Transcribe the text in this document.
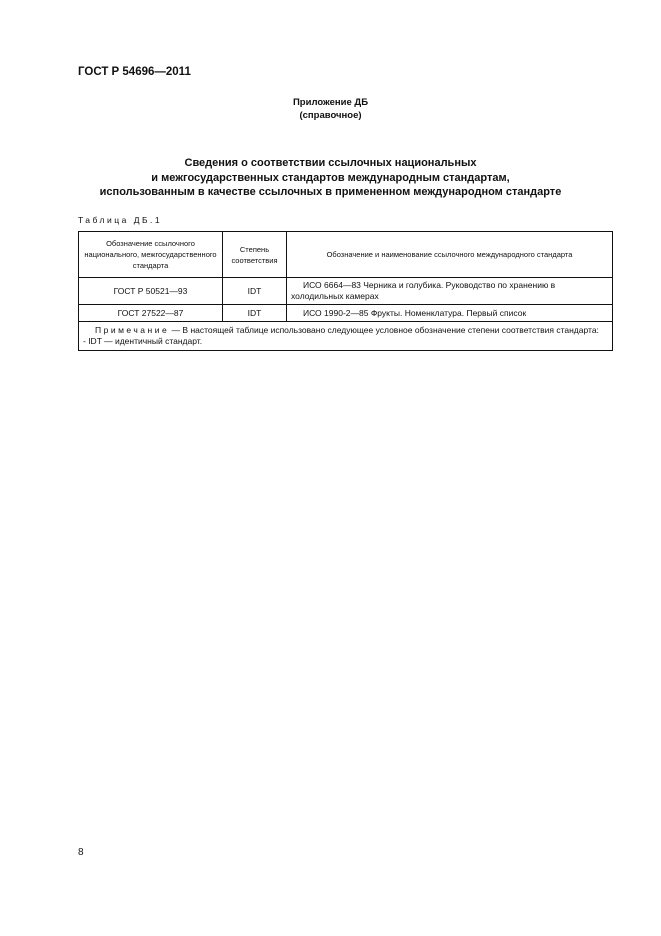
ГОСТ Р 54696—2011
Приложение ДБ
(справочное)
Сведения о соответствии ссылочных национальных
и межгосударственных стандартов международным стандартам,
использованным в качестве ссылочных в примененном международном стандарте
Таблица ДБ.1
Обозначение ссылочного национального, межгосударственного стандарта	Степень соответствия	Обозначение и наименование ссылочного международного стандарта
ГОСТ Р 50521—93	IDT	ИСО 6664—83 Черника и голубика. Руководство по хранению в холодильных камерах
ГОСТ 27522—87	IDT	ИСО 1990-2—85 Фрукты. Номенклатура. Первый список

Примечание — В настоящей таблице использовано следующее условное обозначение степени соответствия стандарта:
- IDT — идентичный стандарт.		
8
